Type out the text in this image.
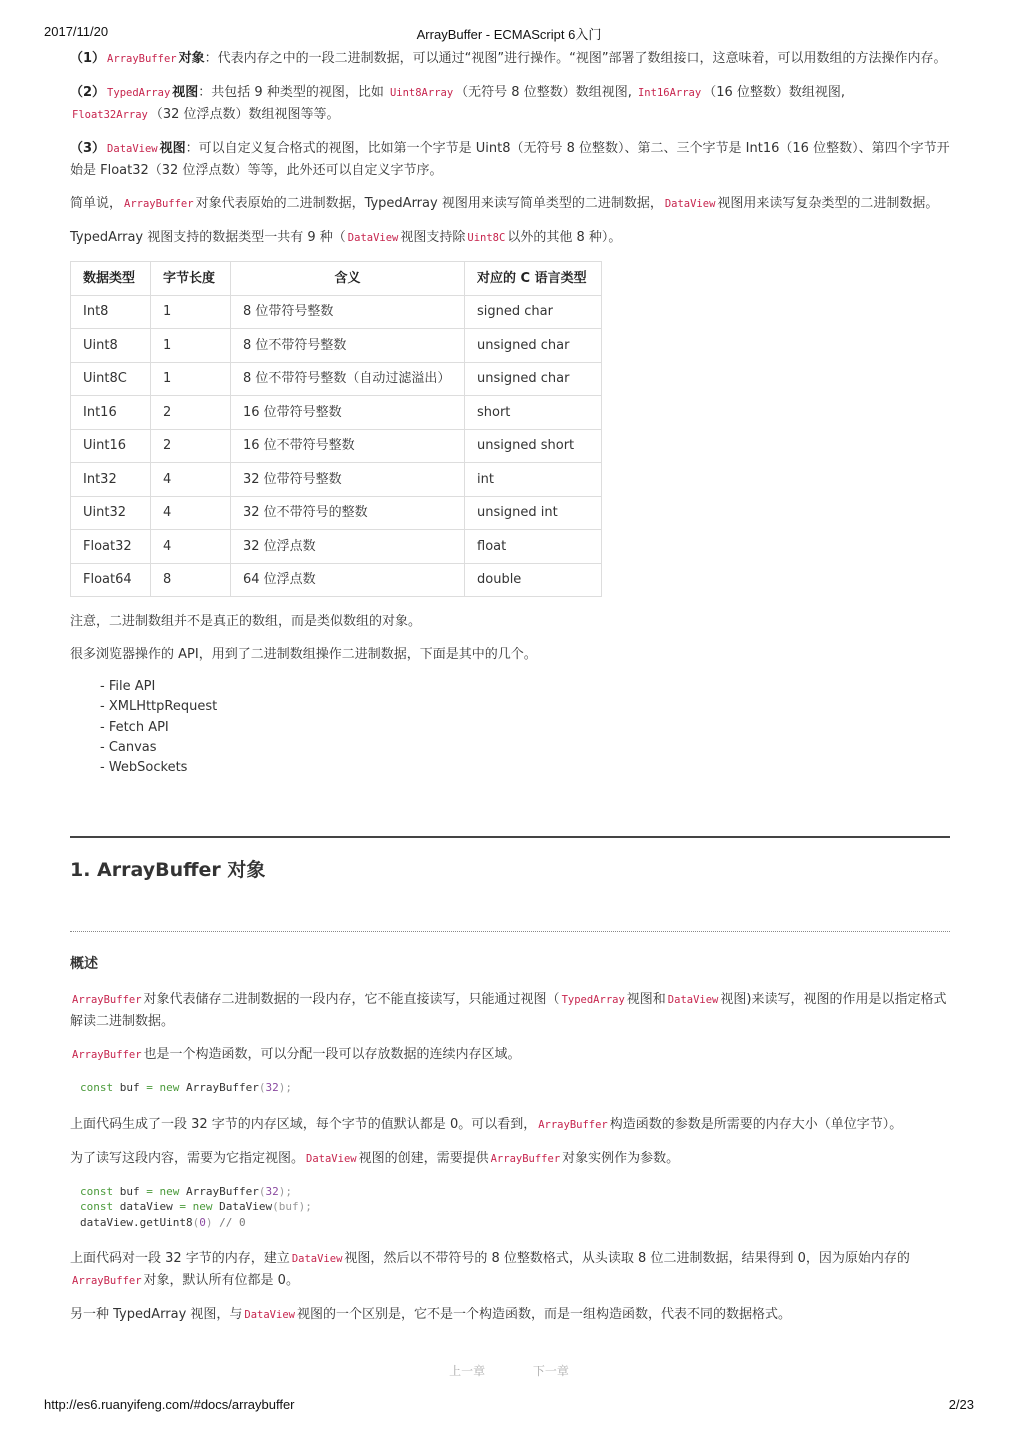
2017/11/20	ArrayBuffer - ECMAScript 6入门

（1） ArrayBuffer 对象：代表内存之中的一段二进制数据，可以通过“视图”进行操作。“视图”部署了数组接口，这意味着，可以用数组的方法操作内存。

（2） TypedArray 视图：共包括 9 种类型的视图，比如 Uint8Array （无符号 8 位整数）数组视图, Int16Array （16 位整数）数组视图,
Float32Array （32 位浮点数）数组视图等等。

（3） DataView 视图：可以自定义复合格式的视图，比如第一个字节是 Uint8（无符号 8 位整数）、第二、三个字节是 Int16（16 位整数）、第四个字节开始是 Float32（32 位浮点数）等等，此外还可以自定义字节序。

简单说， ArrayBuffer 对象代表原始的二进制数据，TypedArray 视图用来读写简单类型的二进制数据， DataView 视图用来读写复杂类型的二进制数据。

TypedArray 视图支持的数据类型一共有 9 种（ DataView 视图支持除 Uint8C 以外的其他 8 种）。

数据类型	字节长度	含义	对应的 C 语言类型
Int8	1	8 位带符号整数	signed char
Uint8	1	8 位不带符号整数	unsigned char
Uint8C	1	8 位不带符号整数（自动过滤溢出）	unsigned char
Int16	2	16 位带符号整数	short
Uint16	2	16 位不带符号整数	unsigned short
Int32	4	32 位带符号整数	int
Uint32	4	32 位不带符号的整数	unsigned int
Float32	4	32 位浮点数	float
Float64	8	64 位浮点数	double

注意，二进制数组并不是真正的数组，而是类似数组的对象。

很多浏览器操作的 API，用到了二进制数组操作二进制数据，下面是其中的几个。

- File API
- XMLHttpRequest
- Fetch API
- Canvas
- WebSockets
1. ArrayBuffer 对象
概述

ArrayBuffer 对象代表储存二进制数据的一段内存，它不能直接读写，只能通过视图（ TypedArray 视图和 DataView 视图)来读写，视图的作用是以指定格式解读二进制数据。

ArrayBuffer 也是一个构造函数，可以分配一段可以存放数据的连续内存区域。

const buf = new ArrayBuffer(32);

上面代码生成了一段 32 字节的内存区域，每个字节的值默认都是 0。可以看到， ArrayBuffer 构造函数的参数是所需要的内存大小（单位字节）。

为了读写这段内容，需要为它指定视图。 DataView 视图的创建，需要提供 ArrayBuffer 对象实例作为参数。

const buf = new ArrayBuffer(32);
const dataView = new DataView(buf);
dataView.getUint8(0) // 0

上面代码对一段 32 字节的内存，建立 DataView 视图，然后以不带符号的 8 位整数格式，从头读取 8 位二进制数据，结果得到 0，因为原始内存的
ArrayBuffer 对象，默认所有位都是 0。

另一种 TypedArray 视图，与 DataView 视图的一个区别是，它不是一个构造函数，而是一组构造函数，代表不同的数据格式。

上一章	下一章
http://es6.ruanyifeng.com/#docs/arraybuffer	2/23
